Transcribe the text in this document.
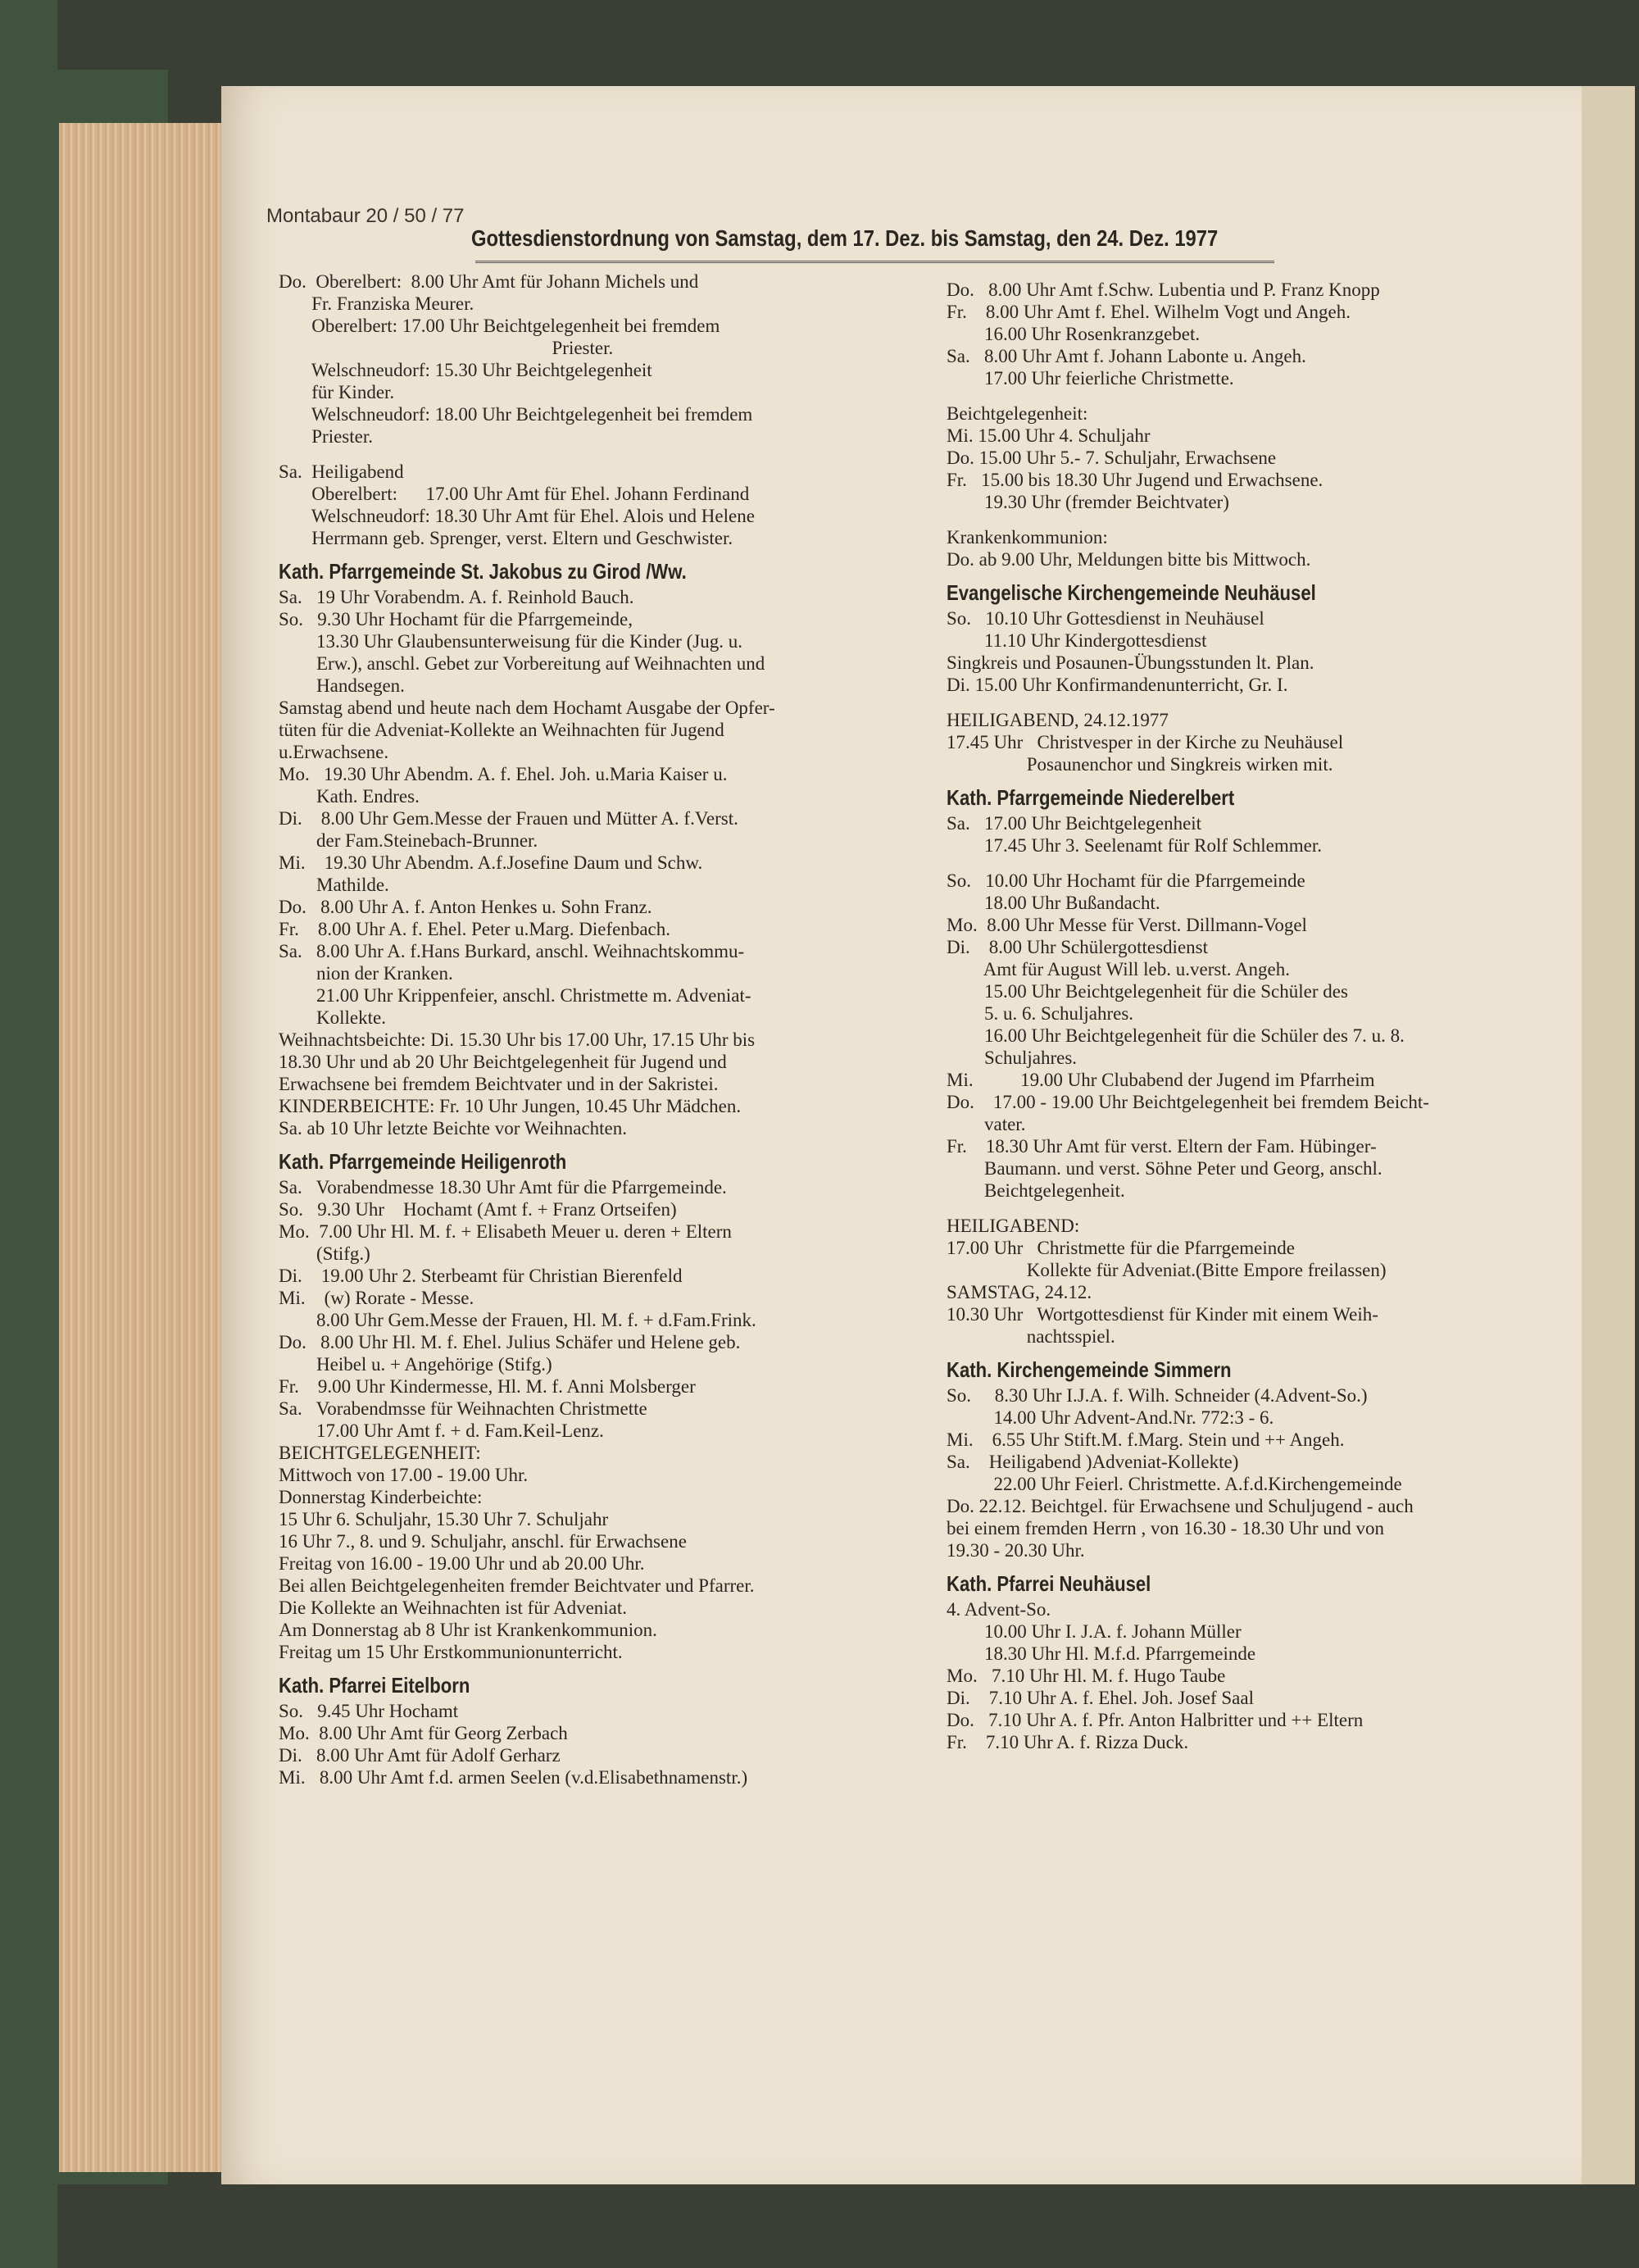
Montabaur 20 / 50 / 77
Gottesdienstordnung von Samstag, dem 17. Dez. bis Samstag, den 24. Dez. 1977
Do.  Oberelbert:  8.00 Uhr Amt für Johann Michels und
Fr. Franziska Meurer.
Oberelbert: 17.00 Uhr Beichtgelegenheit bei fremdem
Priester.
Welschneudorf: 15.30 Uhr Beichtgelegenheit
für Kinder.
Welschneudorf: 18.00 Uhr Beichtgelegenheit bei fremdem
Priester.
Sa.  Heiligabend
Oberelbert:      17.00 Uhr Amt für Ehel. Johann Ferdinand
Welschneudorf: 18.30 Uhr Amt für Ehel. Alois und Helene
Herrmann geb. Sprenger, verst. Eltern und Geschwister.
Kath. Pfarrgemeinde St. Jakobus zu Girod /Ww.
Sa.   19 Uhr Vorabendm. A. f. Reinhold Bauch.
So.   9.30 Uhr Hochamt für die Pfarrgemeinde,
13.30 Uhr Glaubensunterweisung für die Kinder (Jug. u.
Erw.), anschl. Gebet zur Vorbereitung auf Weihnachten und
Handsegen.
Samstag abend und heute nach dem Hochamt Ausgabe der Opfer-
tüten für die Adveniat-Kollekte an Weihnachten für Jugend
u.Erwachsene.
Mo.   19.30 Uhr Abendm. A. f. Ehel. Joh. u.Maria Kaiser u.
Kath. Endres.
Di.    8.00 Uhr Gem.Messe der Frauen und Mütter A. f.Verst.
der Fam.Steinebach-Brunner.
Mi.    19.30 Uhr Abendm. A.f.Josefine Daum und Schw.
Mathilde.
Do.   8.00 Uhr A. f. Anton Henkes u. Sohn Franz.
Fr.    8.00 Uhr A. f. Ehel. Peter u.Marg. Diefenbach.
Sa.   8.00 Uhr A. f.Hans Burkard, anschl. Weihnachtskommu-
nion der Kranken.
21.00 Uhr Krippenfeier, anschl. Christmette m. Adveniat-
Kollekte.
Weihnachtsbeichte: Di. 15.30 Uhr bis 17.00 Uhr, 17.15 Uhr bis
18.30 Uhr und ab 20 Uhr Beichtgelegenheit für Jugend und
Erwachsene bei fremdem Beichtvater und in der Sakristei.
KINDERBEICHTE: Fr. 10 Uhr Jungen, 10.45 Uhr Mädchen.
Sa. ab 10 Uhr letzte Beichte vor Weihnachten.
Kath. Pfarrgemeinde Heiligenroth
Sa.   Vorabendmesse 18.30 Uhr Amt für die Pfarrgemeinde.
So.   9.30 Uhr    Hochamt (Amt f. + Franz Ortseifen)
Mo.  7.00 Uhr Hl. M. f. + Elisabeth Meuer u. deren + Eltern
(Stifg.)
Di.    19.00 Uhr 2. Sterbeamt für Christian Bierenfeld
Mi.    (w) Rorate - Messe.
8.00 Uhr Gem.Messe der Frauen, Hl. M. f. + d.Fam.Frink.
Do.   8.00 Uhr Hl. M. f. Ehel. Julius Schäfer und Helene geb.
Heibel u. + Angehörige (Stifg.)
Fr.    9.00 Uhr Kindermesse, Hl. M. f. Anni Molsberger
Sa.   Vorabendmsse für Weihnachten Christmette
17.00 Uhr Amt f. + d. Fam.Keil-Lenz.
BEICHTGELEGENHEIT:
Mittwoch von 17.00 - 19.00 Uhr.
Donnerstag Kinderbeichte:
15 Uhr 6. Schuljahr, 15.30 Uhr 7. Schuljahr
16 Uhr 7., 8. und 9. Schuljahr, anschl. für Erwachsene
Freitag von 16.00 - 19.00 Uhr und ab 20.00 Uhr.
Bei allen Beichtgelegenheiten fremder Beichtvater und Pfarrer.
Die Kollekte an Weihnachten ist für Adveniat.
Am Donnerstag ab 8 Uhr ist Krankenkommunion.
Freitag um 15 Uhr Erstkommunionunterricht.
Kath. Pfarrei Eitelborn
So.   9.45 Uhr Hochamt
Mo.  8.00 Uhr Amt für Georg Zerbach
Di.   8.00 Uhr Amt für Adolf Gerharz
Mi.   8.00 Uhr Amt f.d. armen Seelen (v.d.Elisabethnamenstr.)
Do.   8.00 Uhr Amt f.Schw. Lubentia und P. Franz Knopp
Fr.    8.00 Uhr Amt f. Ehel. Wilhelm Vogt und Angeh.
16.00 Uhr Rosenkranzgebet.
Sa.   8.00 Uhr Amt f. Johann Labonte u. Angeh.
17.00 Uhr feierliche Christmette.
Beichtgelegenheit:
Mi. 15.00 Uhr 4. Schuljahr
Do. 15.00 Uhr 5.- 7. Schuljahr, Erwachsene
Fr.   15.00 bis 18.30 Uhr Jugend und Erwachsene.
19.30 Uhr (fremder Beichtvater)
Krankenkommunion:
Do. ab 9.00 Uhr, Meldungen bitte bis Mittwoch.
Evangelische Kirchengemeinde Neuhäusel
So.   10.10 Uhr Gottesdienst in Neuhäusel
11.10 Uhr Kindergottesdienst
Singkreis und Posaunen-Übungsstunden lt. Plan.
Di. 15.00 Uhr Konfirmandenunterricht, Gr. I.
HEILIGABEND, 24.12.1977
17.45 Uhr   Christvesper in der Kirche zu Neuhäusel
Posaunenchor und Singkreis wirken mit.
Kath. Pfarrgemeinde Niederelbert
Sa.   17.00 Uhr Beichtgelegenheit
17.45 Uhr 3. Seelenamt für Rolf Schlemmer.
So.   10.00 Uhr Hochamt für die Pfarrgemeinde
18.00 Uhr Bußandacht.
Mo.  8.00 Uhr Messe für Verst. Dillmann-Vogel
Di.    8.00 Uhr Schülergottesdienst
Amt für August Will leb. u.verst. Angeh.
15.00 Uhr Beichtgelegenheit für die Schüler des
5. u. 6. Schuljahres.
16.00 Uhr Beichtgelegenheit für die Schüler des 7. u. 8.
Schuljahres.
Mi.          19.00 Uhr Clubabend der Jugend im Pfarrheim
Do.    17.00 - 19.00 Uhr Beichtgelegenheit bei fremdem Beicht-
vater.
Fr.    18.30 Uhr Amt für verst. Eltern der Fam. Hübinger-
Baumann. und verst. Söhne Peter und Georg, anschl.
Beichtgelegenheit.
HEILIGABEND:
17.00 Uhr   Christmette für die Pfarrgemeinde
Kollekte für Adveniat.(Bitte Empore freilassen)
SAMSTAG, 24.12.
10.30 Uhr   Wortgottesdienst für Kinder mit einem Weih-
nachtsspiel.
Kath. Kirchengemeinde Simmern
So.     8.30 Uhr I.J.A. f. Wilh. Schneider (4.Advent-So.)
14.00 Uhr Advent-And.Nr. 772:3 - 6.
Mi.    6.55 Uhr Stift.M. f.Marg. Stein und ++ Angeh.
Sa.    Heiligabend )Adveniat-Kollekte)
22.00 Uhr Feierl. Christmette. A.f.d.Kirchengemeinde
Do. 22.12. Beichtgel. für Erwachsene und Schuljugend - auch
bei einem fremden Herrn , von 16.30 - 18.30 Uhr und von
19.30 - 20.30 Uhr.
Kath. Pfarrei Neuhäusel
4. Advent-So.
10.00 Uhr I. J.A. f. Johann Müller
18.30 Uhr Hl. M.f.d. Pfarrgemeinde
Mo.   7.10 Uhr Hl. M. f. Hugo Taube
Di.    7.10 Uhr A. f. Ehel. Joh. Josef Saal
Do.   7.10 Uhr A. f. Pfr. Anton Halbritter und ++ Eltern
Fr.    7.10 Uhr A. f. Rizza Duck.
